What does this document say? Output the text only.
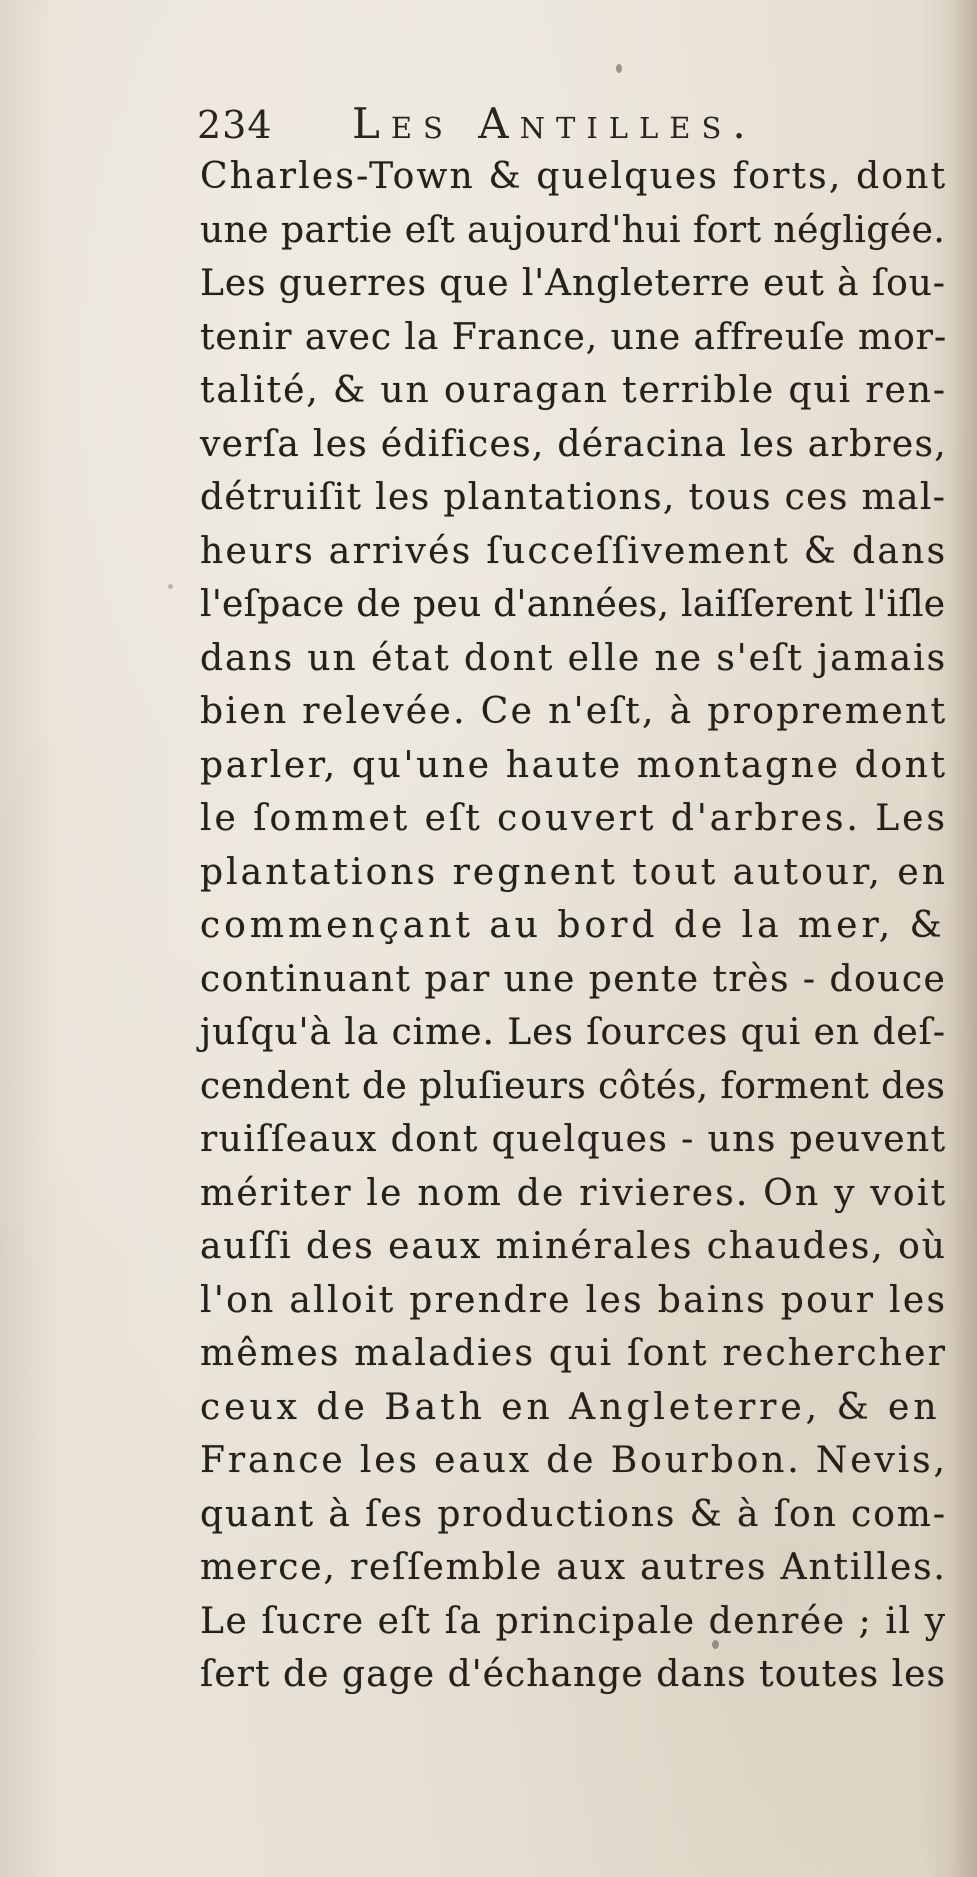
234 Les Antilles.
Charles-Town & quelques forts, dont
une partie eſt aujourd'hui fort négligée.
Les guerres que l'Angleterre eut à ſou-
tenir avec la France, une affreuſe mor-
talité, & un ouragan terrible qui ren-
verſa les édifices, déracina les arbres,
détruiſit les plantations, tous ces mal-
heurs arrivés ſucceſſivement & dans
l'eſpace de peu d'années, laiſſerent l'iſle
dans un état dont elle ne s'eſt jamais
bien relevée. Ce n'eſt, à proprement
parler, qu'une haute montagne dont
le ſommet eſt couvert d'arbres. Les
plantations regnent tout autour, en
commençant au bord de la mer, &
continuant par une pente très - douce
juſqu'à la cime. Les ſources qui en deſ-
cendent de pluſieurs côtés, forment des
ruiſſeaux dont quelques - uns peuvent
mériter le nom de rivieres. On y voit
auſſi des eaux minérales chaudes, où
l'on alloit prendre les bains pour les
mêmes maladies qui ſont rechercher
ceux de Bath en Angleterre, & en
France les eaux de Bourbon. Nevis,
quant à ſes productions & à ſon com-
merce, reſſemble aux autres Antilles.
Le ſucre eſt ſa principale denrée ; il y
ſert de gage d'échange dans toutes les
